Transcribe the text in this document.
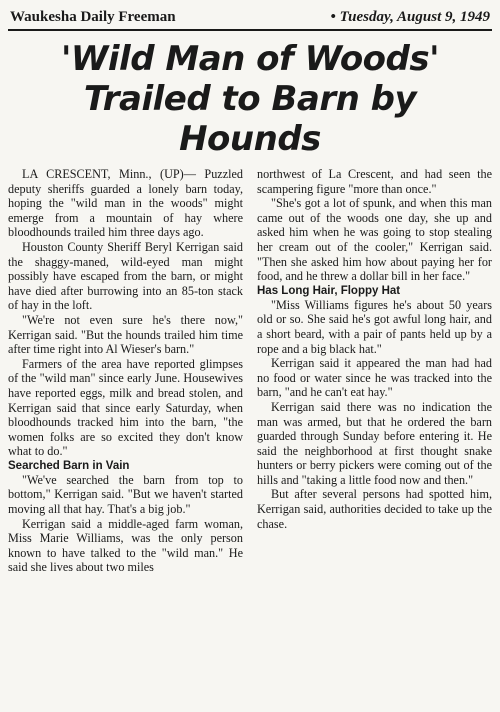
Waukesha Daily Freeman	• Tuesday, August 9, 1949
'Wild Man of Woods'
Trailed to Barn by Hounds

LA CRESCENT, Minn., (UP)— Puzzled deputy sheriffs guarded a lonely barn today, hoping the "wild man in the woods" might emerge from a mountain of hay where bloodhounds trailed him three days ago.

Houston County Sheriff Beryl Kerrigan said the shaggy-maned, wild-eyed man might possibly have escaped from the barn, or might have died after burrowing into an 85-ton stack of hay in the loft.

"We're not even sure he's there now," Kerrigan said. "But the hounds trailed him time after time right into Al Wieser's barn."

Farmers of the area have reported glimpses of the "wild man" since early June. Housewives have reported eggs, milk and bread stolen, and Kerrigan said that since early Saturday, when bloodhounds tracked him into the barn, "the women folks are so excited they don't know what to do."

Searched Barn in Vain

"We've searched the barn from top to bottom," Kerrigan said. "But we haven't started moving all that hay. That's a big job."

Kerrigan said a middle-aged farm woman, Miss Marie Williams, was the only person known to have talked to the "wild man." He said she lives about two miles

northwest of La Crescent, and had seen the scampering figure "more than once."

"She's got a lot of spunk, and when this man came out of the woods one day, she up and asked him when he was going to stop stealing her cream out of the cooler," Kerrigan said. "Then she asked him how about paying her for food, and he threw a dollar bill in her face."

Has Long Hair, Floppy Hat

"Miss Williams figures he's about 50 years old or so. She said he's got awful long hair, and a short beard, with a pair of pants held up by a rope and a big black hat."

Kerrigan said it appeared the man had had no food or water since he was tracked into the barn, "and he can't eat hay."

Kerrigan said there was no indication the man was armed, but that he ordered the barn guarded through Sunday before entering it. He said the neighborhood at first thought snake hunters or berry pickers were coming out of the hills and "taking a little food now and then."

But after several persons had spotted him, Kerrigan said, authorities decided to take up the chase.
